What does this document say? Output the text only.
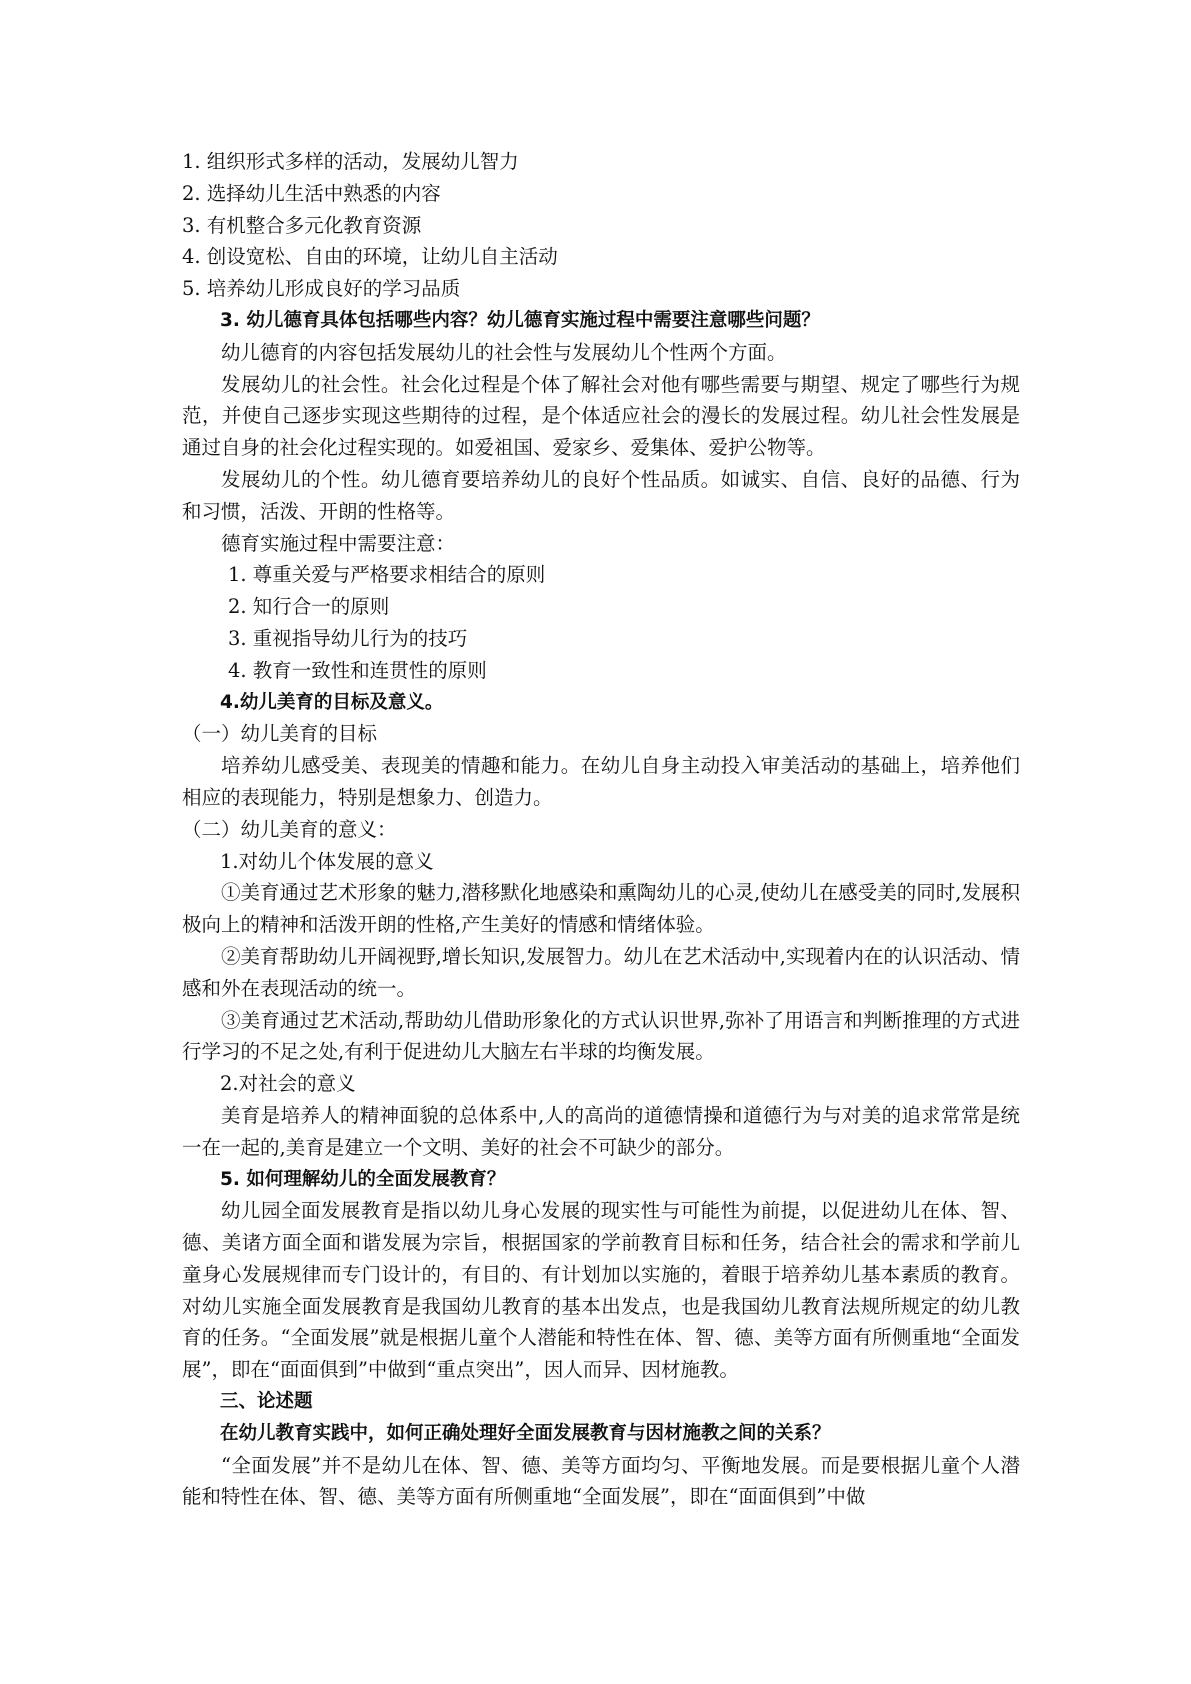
1. 组织形式多样的活动，发展幼儿智力
2. 选择幼儿生活中熟悉的内容
3. 有机整合多元化教育资源
4. 创设宽松、自由的环境，让幼儿自主活动
5. 培养幼儿形成良好的学习品质
3. 幼儿德育具体包括哪些内容？幼儿德育实施过程中需要注意哪些问题？

幼儿德育的内容包括发展幼儿的社会性与发展幼儿个性两个方面。

发展幼儿的社会性。社会化过程是个体了解社会对他有哪些需要与期望、规定了哪些行为规范，并使自己逐步实现这些期待的过程，是个体适应社会的漫长的发展过程。幼儿社会性发展是通过自身的社会化过程实现的。如爱祖国、爱家乡、爱集体、爱护公物等。

发展幼儿的个性。幼儿德育要培养幼儿的良好个性品质。如诚实、自信、良好的品德、行为和习惯，活泼、开朗的性格等。

德育实施过程中需要注意：

1. 尊重关爱与严格要求相结合的原则
2. 知行合一的原则
3. 重视指导幼儿行为的技巧
4. 教育一致性和连贯性的原则
4.幼儿美育的目标及意义。
（一）幼儿美育的目标

培养幼儿感受美、表现美的情趣和能力。在幼儿自身主动投入审美活动的基础上，培养他们相应的表现能力，特别是想象力、创造力。

（二）幼儿美育的意义：
1.对幼儿个体发展的意义

①美育通过艺术形象的魅力,潜移默化地感染和熏陶幼儿的心灵,使幼儿在感受美的同时,发展积极向上的精神和活泼开朗的性格,产生美好的情感和情绪体验。

②美育帮助幼儿开阔视野,增长知识,发展智力。幼儿在艺术活动中,实现着内在的认识活动、情感和外在表现活动的统一。

③美育通过艺术活动,帮助幼儿借助形象化的方式认识世界,弥补了用语言和判断推理的方式进行学习的不足之处,有利于促进幼儿大脑左右半球的均衡发展。

2.对社会的意义

美育是培养人的精神面貌的总体系中,人的高尚的道德情操和道德行为与对美的追求常常是统一在一起的,美育是建立一个文明、美好的社会不可缺少的部分。

5. 如何理解幼儿的全面发展教育？

幼儿园全面发展教育是指以幼儿身心发展的现实性与可能性为前提，以促进幼儿在体、智、德、美诸方面全面和谐发展为宗旨，根据国家的学前教育目标和任务，结合社会的需求和学前儿童身心发展规律而专门设计的，有目的、有计划加以实施的，着眼于培养幼儿基本素质的教育。对幼儿实施全面发展教育是我国幼儿教育的基本出发点，也是我国幼儿教育法规所规定的幼儿教育的任务。“全面发展”就是根据儿童个人潜能和特性在体、智、德、美等方面有所侧重地“全面发展”，即在“面面俱到”中做到“重点突出”，因人而异、因材施教。

三、论述题
在幼儿教育实践中，如何正确处理好全面发展教育与因材施教之间的关系？

“全面发展”并不是幼儿在体、智、德、美等方面均匀、平衡地发展。而是要根据儿童个人潜能和特性在体、智、德、美等方面有所侧重地“全面发展”，即在“面面俱到”中做
